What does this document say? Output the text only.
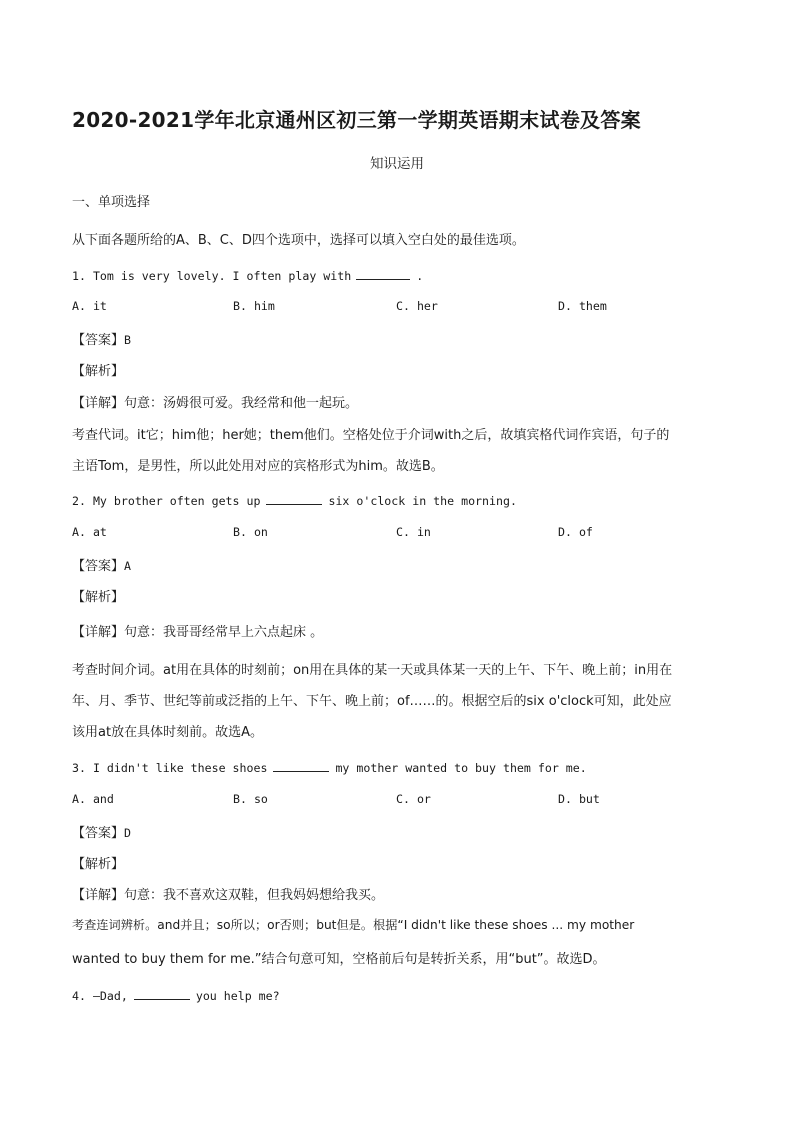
2020-2021学年北京通州区初三第一学期英语期末试卷及答案
知识运用
一、单项选择
从下面各题所给的A、B、C、D四个选项中，选择可以填入空白处的最佳选项。
1. Tom is very lovely. I often play with	.
A. it	B. him	C. her	D. them
【答案】B
【解析】
【详解】句意：汤姆很可爱。我经常和他一起玩。
考查代词。it它；him他；her她；them他们。空格处位于介词with之后，故填宾格代词作宾语，句子的
主语Tom，是男性，所以此处用对应的宾格形式为him。故选B。
2. My brother often gets up	six o'clock in the morning.
A. at	B. on	C. in	D. of
【答案】A
【解析】
【详解】句意：我哥哥经常早上六点起床 。
考查时间介词。at用在具体的时刻前；on用在具体的某一天或具体某一天的上午、下午、晚上前；in用在
年、月、季节、世纪等前或泛指的上午、下午、晚上前；of……的。根据空后的six o'clock可知，此处应
该用at放在具体时刻前。故选A。
3. I didn't like these shoes	my mother wanted to buy them for me.
A. and	B. so	C. or	D. but
【答案】D
【解析】
【详解】句意：我不喜欢这双鞋，但我妈妈想给我买。
考查连词辨析。and并且；so所以；or否则；but但是。根据“I didn't like these shoes ... my mother
wanted to buy them for me.”结合句意可知，空格前后句是转折关系，用“but”。故选D。
4. —Dad,	you help me?
